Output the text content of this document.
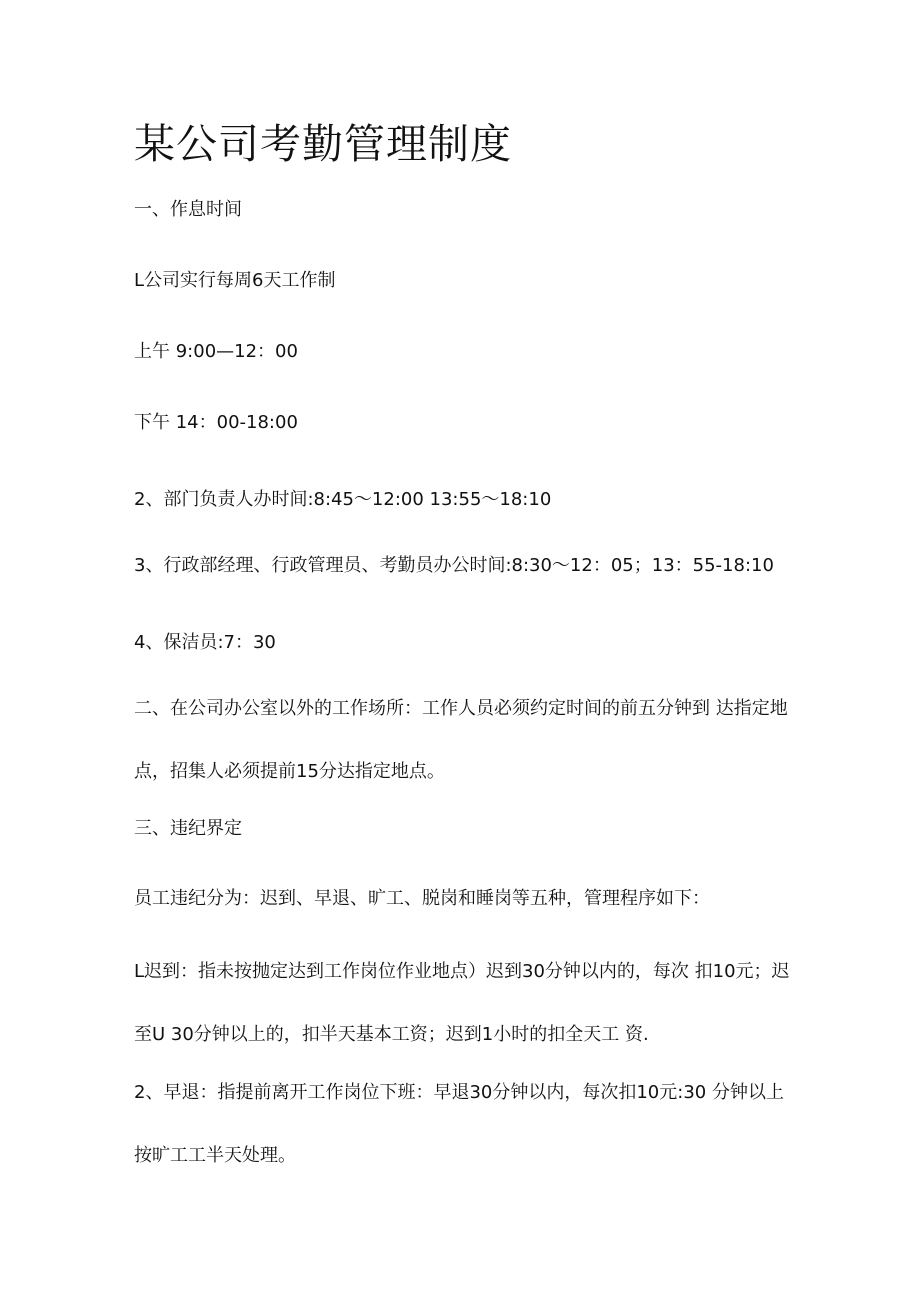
某公司考勤管理制度

一、作息时间

L公司实行每周6天工作制

上午 9:00—12：00

下午 14：00-18:00

2、部门负责人办时间:8:45～12:00 13:55～18:10

3、行政部经理、行政管理员、考勤员办公时间:8:30～12：05；13：55-18:10

4、保洁员:7：30

二、在公司办公室以外的工作场所：工作人员必须约定时间的前五分钟到 达指定地点，招集人必须提前15分达指定地点。

三、违纪界定

员工违纪分为：迟到、早退、旷工、脱岗和睡岗等五种，管理程序如下：

L迟到：指未按抛定达到工作岗位作业地点）迟到30分钟以内的，每次 扣10元；迟至U 30分钟以上的，扣半天基本工资；迟到1小时的扣全天工 资.

2、早退：指提前离开工作岗位下班：早退30分钟以内，每次扣10元:30 分钟以上按旷工工半天处理。
